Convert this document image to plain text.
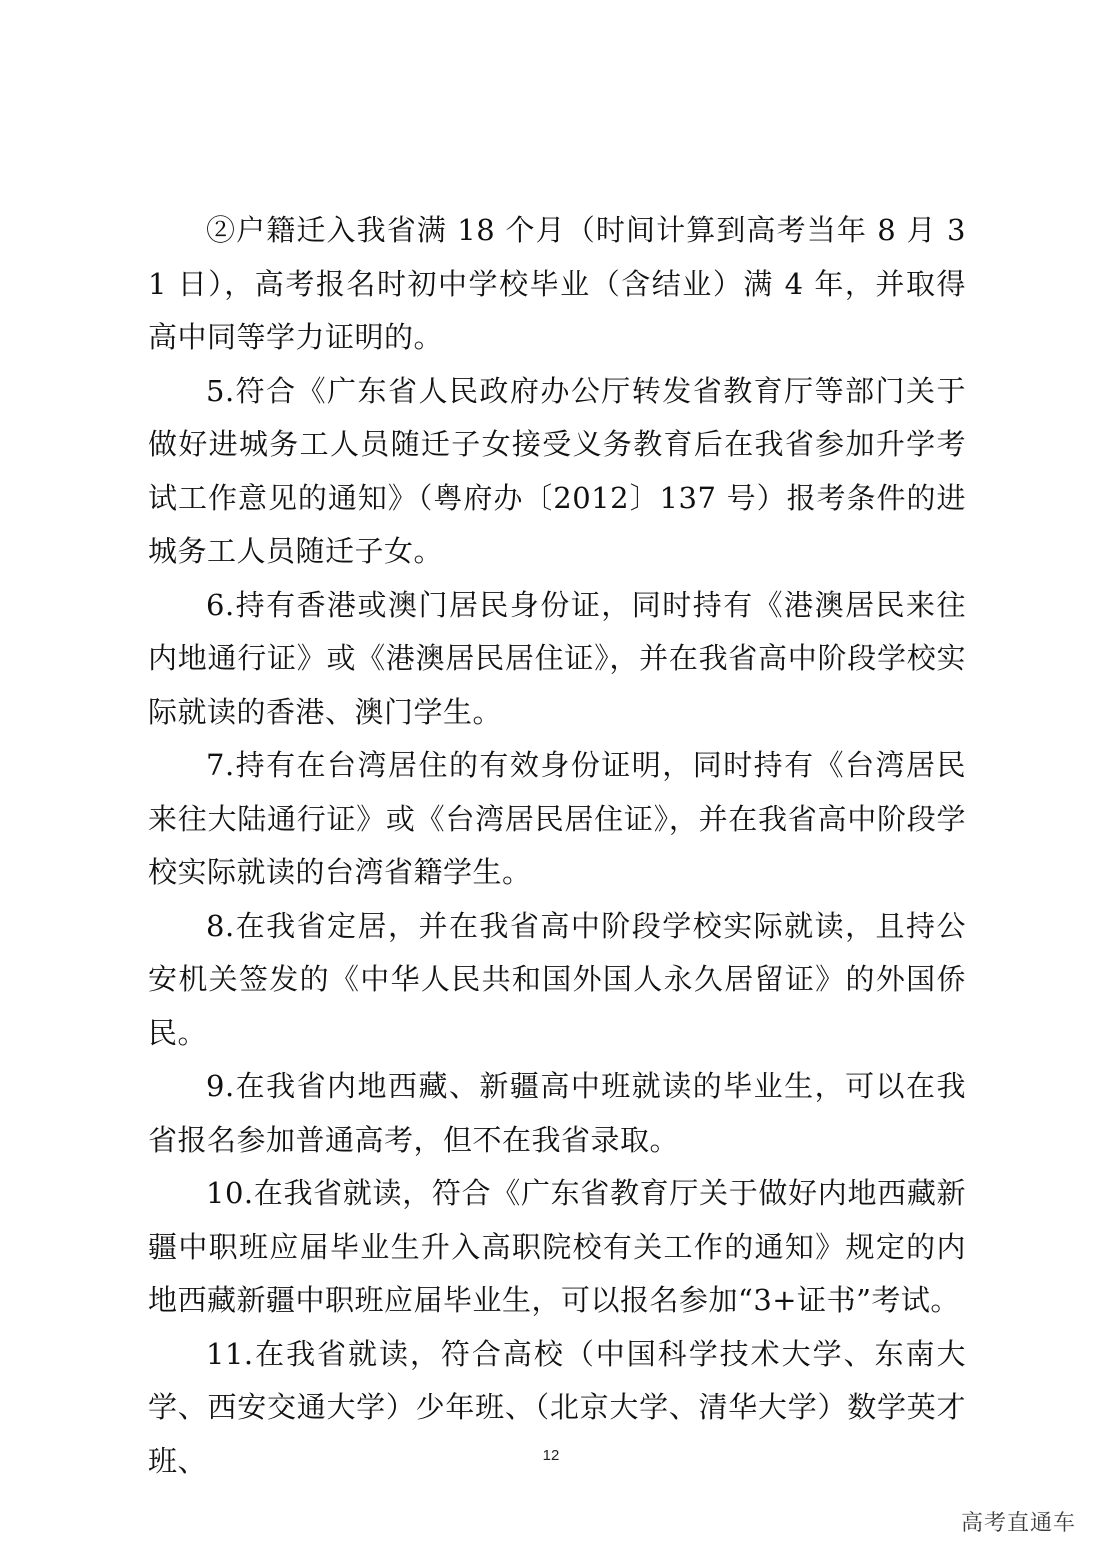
②户籍迁入我省满 18 个月（时间计算到高考当年 8 月 31 日），高考报名时初中学校毕业（含结业）满 4 年，并取得高中同等学力证明的。

5.符合《广东省人民政府办公厅转发省教育厅等部门关于做好进城务工人员随迁子女接受义务教育后在我省参加升学考试工作意见的通知》（粤府办〔2012〕137 号）报考条件的进城务工人员随迁子女。

6.持有香港或澳门居民身份证，同时持有《港澳居民来往内地通行证》或《港澳居民居住证》，并在我省高中阶段学校实际就读的香港、澳门学生。

7.持有在台湾居住的有效身份证明，同时持有《台湾居民来往大陆通行证》或《台湾居民居住证》，并在我省高中阶段学校实际就读的台湾省籍学生。

8.在我省定居，并在我省高中阶段学校实际就读，且持公安机关签发的《中华人民共和国外国人永久居留证》的外国侨民。

9.在我省内地西藏、新疆高中班就读的毕业生，可以在我省报名参加普通高考，但不在我省录取。

10.在我省就读，符合《广东省教育厅关于做好内地西藏新疆中职班应届毕业生升入高职院校有关工作的通知》规定的内地西藏新疆中职班应届毕业生，可以报名参加“3+证书”考试。

11.在我省就读，符合高校（中国科学技术大学、东南大学、西安交通大学）少年班、（北京大学、清华大学）数学英才班、	12
高考直通车
